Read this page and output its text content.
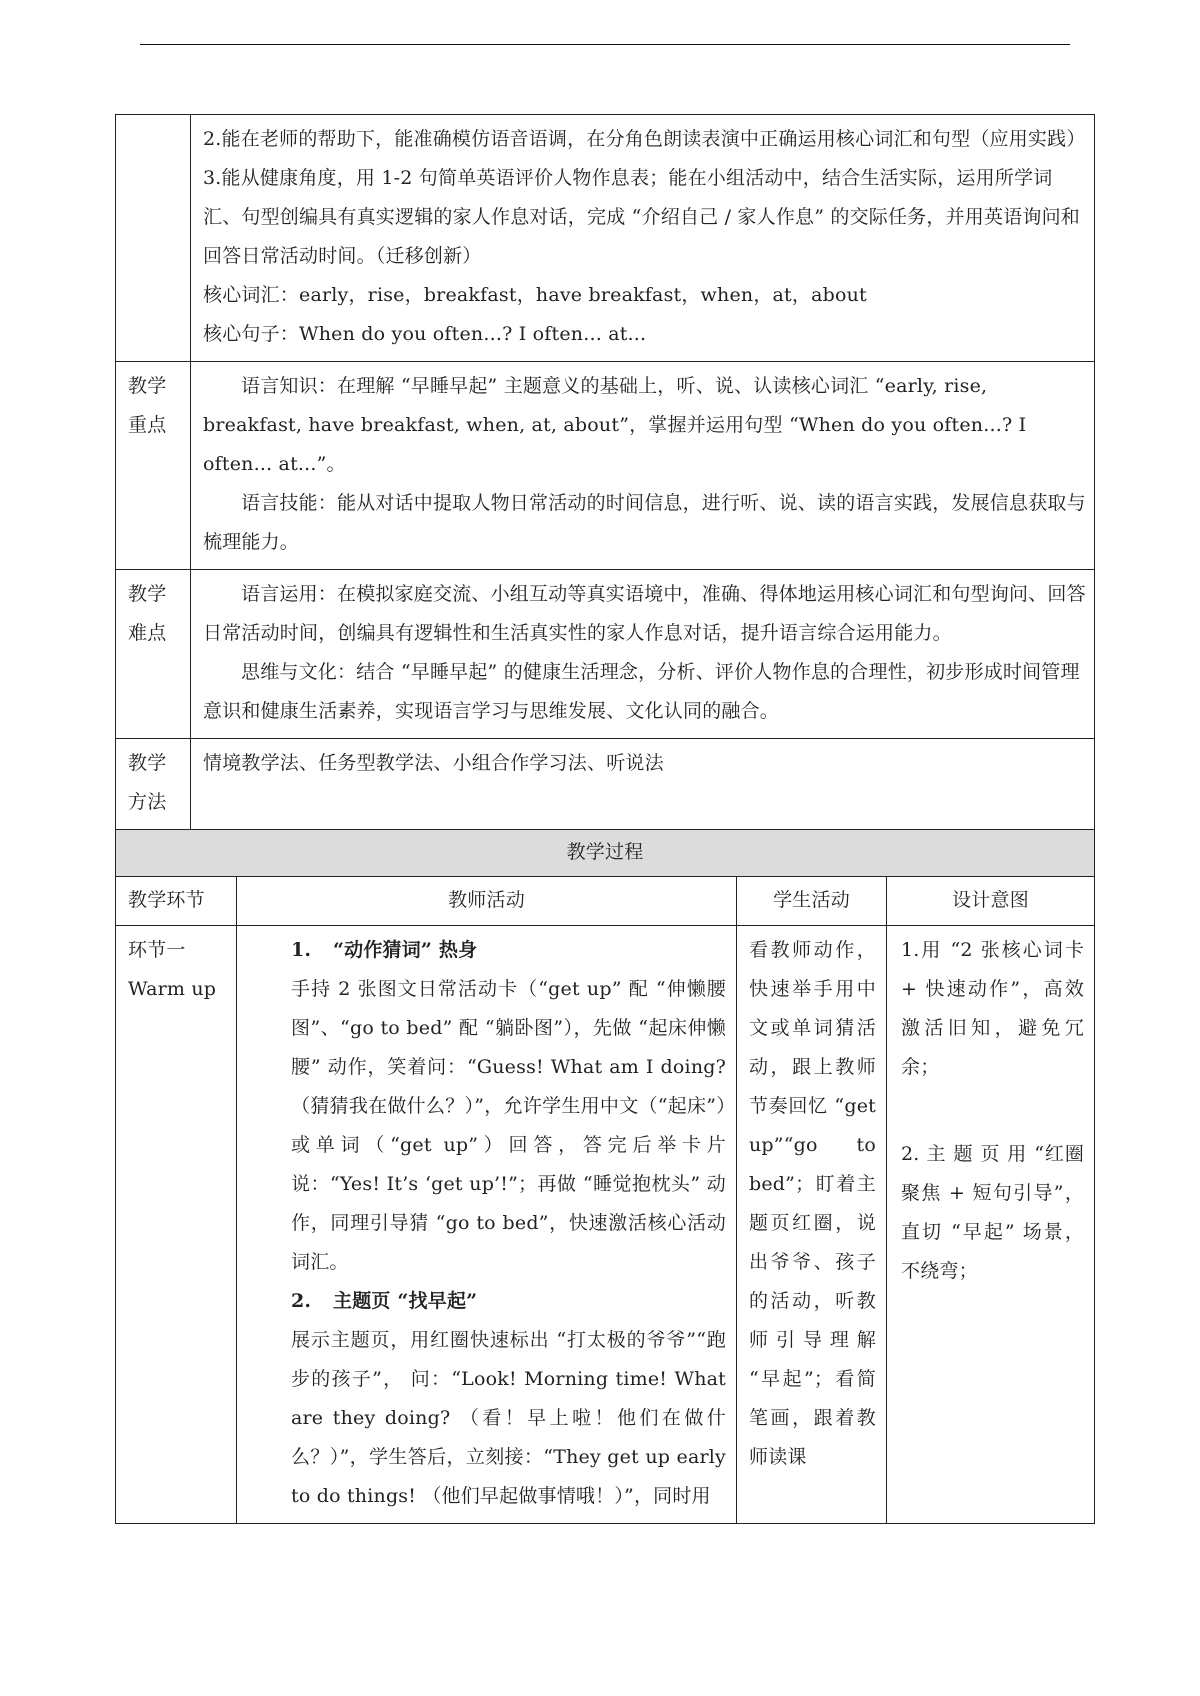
	2.能在老师的帮助下，能准确模仿语音语调，在分角色朗读表演中正确运用核心词汇和句型（应用实践）

3.能从健康角度，用 1-2 句简单英语评价人物作息表；能在小组活动中，结合生活实际，运用所学词汇、句型创编具有真实逻辑的家人作息对话，完成 “介绍自己 / 家人作息” 的交际任务，并用英语询问和回答日常活动时间。（迁移创新）

核心词汇：early，rise，breakfast，have breakfast，when，at，about

核心句子：When do you often...? I often... at...			

教学重点	语言知识：在理解 “早睡早起” 主题意义的基础上，听、说、认读核心词汇 “early, rise, breakfast, have breakfast, when, at, about”，掌握并运用句型 “When do you often...? I often... at...”。

语言技能：能从对话中提取人物日常活动的时间信息，进行听、说、读的语言实践，发展信息获取与梳理能力。			

教学难点	语言运用：在模拟家庭交流、小组互动等真实语境中，准确、得体地运用核心词汇和句型询问、回答日常活动时间，创编具有逻辑性和生活真实性的家人作息对话，提升语言综合运用能力。

思维与文化：结合 “早睡早起” 的健康生活理念，分析、评价人物作息的合理性，初步形成时间管理意识和健康生活素养，实现语言学习与思维发展、文化认同的融合。			

教学方法	情境教学法、任务型教学法、小组合作学习法、听说法			
教学过程				
教学环节		教师活动	学生活动	设计意图

环节一
Warm up		1. “动作猜词” 热身
手持 2 张图文日常活动卡（“get up” 配 “伸懒腰图”、“go to bed” 配 “躺卧图”），先做 “起床伸懒腰” 动作，笑着问：“Guess! What am I doing? （猜猜我在做什么？）”，允许学生用中文（“起床”）或单词（“get up”）回答，答完后举卡片说：“Yes! It’s ‘get up’!”；再做 “睡觉抱枕头” 动作，同理引导猜 “go to bed”，快速激活核心活动词汇。
2. 主题页 “找早起”
展示主题页，用红圈快速标出 “打太极的爷爷”“跑步的孩子”， 问：“Look! Morning time! What are they doing? （看！早上啦！他们在做什么？）”，学生答后，立刻接：“They get up early to do things! （他们早起做事情哦！）”，同时用	看教师动作，快速举手用中文或单词猜活动，跟上教师节奏回忆 “get up”“go to bed”；盯着主题页红圈，说出爷爷、孩子的活动，听教师引导理解 “早起”；看简笔画，跟着教师读课	1.用 “2 张核心词卡 + 快速动作”，高效激活旧知，避免冗余；
2. 主 题 页 用 “红圈聚焦 + 短句引导”， 直切 “早起” 场景，不绕弯；
